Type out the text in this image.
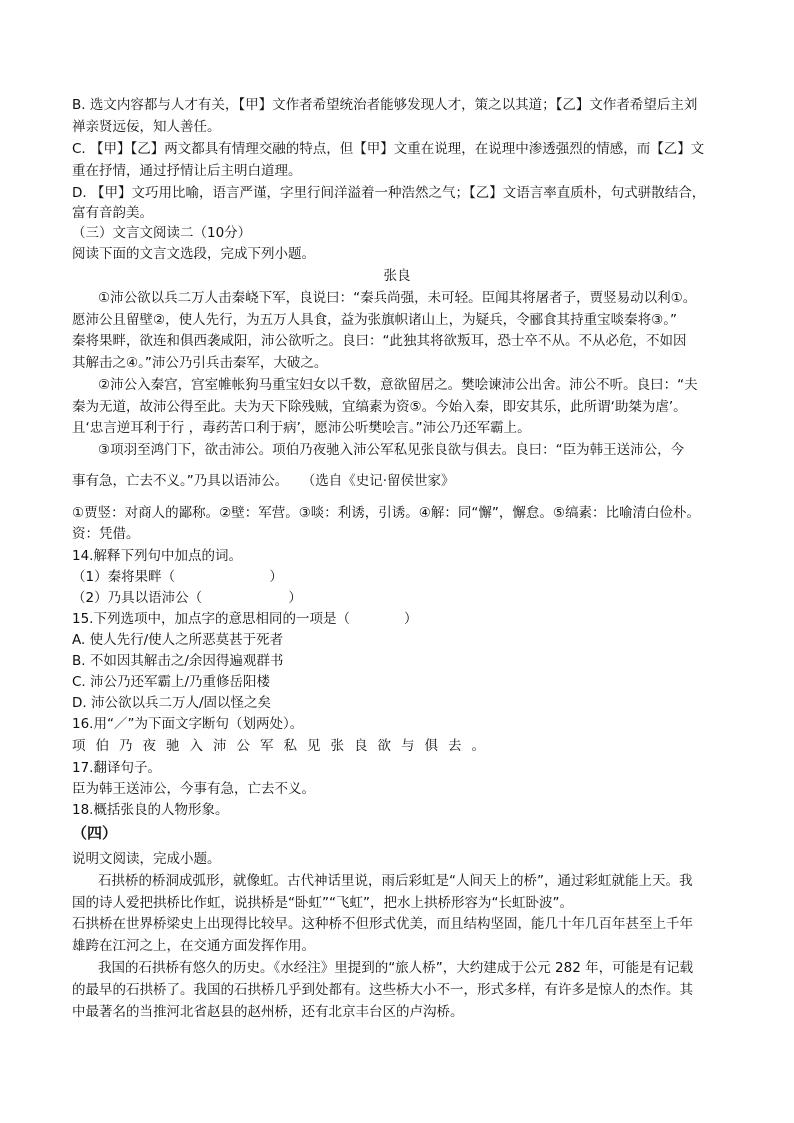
B. 选文内容都与人才有关，【甲】文作者希望统治者能够发现人才，策之以其道；【乙】文作者希望后主刘
禅亲贤远佞，知人善任。
C. 【甲】【乙】两文都具有情理交融的特点，但【甲】文重在说理，在说理中渗透强烈的情感，而【乙】文
重在抒情，通过抒情让后主明白道理。
D. 【甲】文巧用比喻，语言严谨，字里行间洋溢着一种浩然之气；【乙】文语言率直质朴，句式骈散结合，
富有音韵美。
（三）文言文阅读二（10分）
阅读下面的文言文选段，完成下列小题。
张良
①沛公欲以兵二万人击秦峣下军，良说曰：“秦兵尚强，未可轻。臣闻其将屠者子，贾竖易动以利①。
愿沛公且留壁②，使人先行，为五万人具食，益为张旗帜诸山上，为疑兵，令郦食其持重宝啖秦将③。”
秦将果畔，欲连和俱西袭咸阳，沛公欲听之。良曰：“此独其将欲叛耳，恐士卒不从。不从必危，不如因
其解击之④。”沛公乃引兵击秦军，大破之。
②沛公入秦宫，宫室帷帐狗马重宝妇女以千数，意欲留居之。樊哙谏沛公出舍。沛公不听。良曰：“夫
秦为无道，故沛公得至此。夫为天下除残贼，宜缟素为资⑤。今始入秦，即安其乐，此所谓‘助桀为虐’。
且‘忠言逆耳利于行 ，毒药苦口利于病’，愿沛公听樊哙言。”沛公乃还军霸上。
③项羽至鸿门下，欲击沛公。项伯乃夜驰入沛公军私见张良欲与俱去。良曰：“臣为韩王送沛公，今
事有急，亡去不义。”乃具以语沛公。　　（选自《史记·留侯世家》
①贾竖：对商人的鄙称。②壁：军营。③啖：利诱，引诱。④解：同“懈”，懈怠。⑤缟素：比喻清白俭朴。
资：凭借。
14.解释下列句中加点的词。
（1）秦将果畔（	）
（2）乃具以语沛公（	）
15.下列选项中，加点字的意思相同的一项是（　　　　）
A. 使人先行/使人之所恶莫甚于死者
B. 不如因其解击之/余因得遍观群书
C. 沛公乃还军霸上/乃重修岳阳楼
D. 沛公欲以兵二万人/固以怪之矣
16.用“／”为下面文字断句（划两处）。
项伯乃夜驰入沛公军私见张良欲与俱去。
17.翻译句子。
臣为韩王送沛公，今事有急，亡去不义。
18.概括张良的人物形象。
（四）
说明文阅读，完成小题。
石拱桥的桥洞成弧形，就像虹。古代神话里说，雨后彩虹是“人间天上的桥”，通过彩虹就能上天。我
国的诗人爱把拱桥比作虹，说拱桥是“卧虹”“飞虹”，把水上拱桥形容为“长虹卧波”。
石拱桥在世界桥梁史上出现得比较早。这种桥不但形式优美，而且结构坚固，能几十年几百年甚至上千年
雄跨在江河之上，在交通方面发挥作用。
我国的石拱桥有悠久的历史。《水经注》里提到的“旅人桥”，大约建成于公元 282 年，可能是有记载
的最早的石拱桥了。我国的石拱桥几乎到处都有。这些桥大小不一，形式多样，有许多是惊人的杰作。其
中最著名的当推河北省赵县的赵州桥，还有北京丰台区的卢沟桥。
